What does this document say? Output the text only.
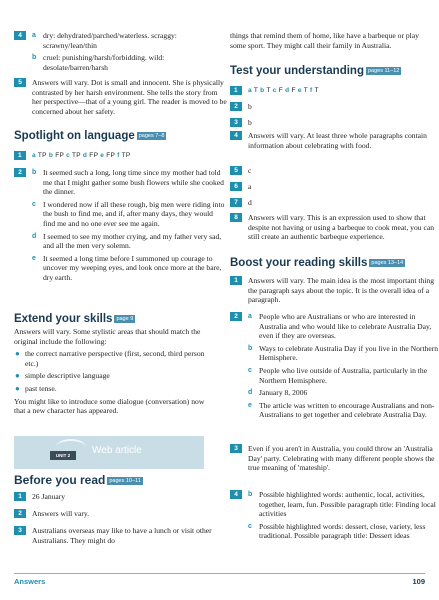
4	a dry: dehydrated/parched/waterless. scraggy: scrawny/lean/thin
b cruel: punishing/harsh/forbidding. wild: desolate/barren/harsh
5	Answers will vary. Dot is small and innocent. She is physically contrasted by her harsh environment. She tells the story from her perspective—that of a young girl. The reader is moved to be concerned about her safety.
Spotlight on language pages 7–8
1	a TP b FP c TP d FP e FP f TP
2	b It seemed such a long, long time since my mother had told me that I might gather some bush flowers while she cooked the dinner.
c I wondered now if all these rough, big men were riding into the bush to find me, and if, after many days, they would find me and no one ever see me again.
d I seemed to see my mother crying, and my father very sad, and all the men very solemn.
e It seemed a long time before I summoned up courage to uncover my weeping eyes, and look once more at the bare, dry earth.
Extend your skills page 9
Answers will vary. Some stylistic areas that should match the original include the following:
● the correct narrative perspective (first, second, third person etc.)
● simple descriptive language
● past tense.
You might like to introduce some dialogue (conversation) now that a new character has appeared.
UNIT 2	Web article
Before you read pages 10–11
1	26 January
2	Answers will vary.
3	Australians overseas may like to have a lunch or visit other Australians. They might do
things that remind them of home, like have a barbeque or play some sport. They might call their family in Australia.
Test your understanding pages 11–12
1	a T b T c F d F e T f T
2	b
3	b
4	Answers will vary. At least three whole paragraphs contain information about celebrating with food.
5	c
6	a
7	d
8	Answers will vary. This is an expression used to show that despite not having or using a barbeque to cook meat, you can still create an authentic barbeque experience.
Boost your reading skills pages 13–14
1	Answers will vary. The main idea is the most important thing the paragraph says about the topic. It is the overall idea of a paragraph.
2	a People who are Australians or who are interested in Australia and who would like to celebrate Australia Day, even if they are overseas.
b Ways to celebrate Australia Day if you live in the Northern Hemisphere.
c People who live outside of Australia, particularly in the Northern Hemisphere.
d January 8, 2006
e The article was written to encourage Australians and non-Australians to get together and celebrate Australia Day.
3	Even if you aren't in Australia, you could throw an 'Australia Day' party. Celebrating with many different people shows the true meaning of 'mateship'.
4	b Possible highlighted words: authentic, local, activities, together, learn, fun. Possible paragraph title: Finding local activities
c Possible highlighted words: dessert, close, variety, less traditional. Possible paragraph title: Dessert ideas
Answers	109
